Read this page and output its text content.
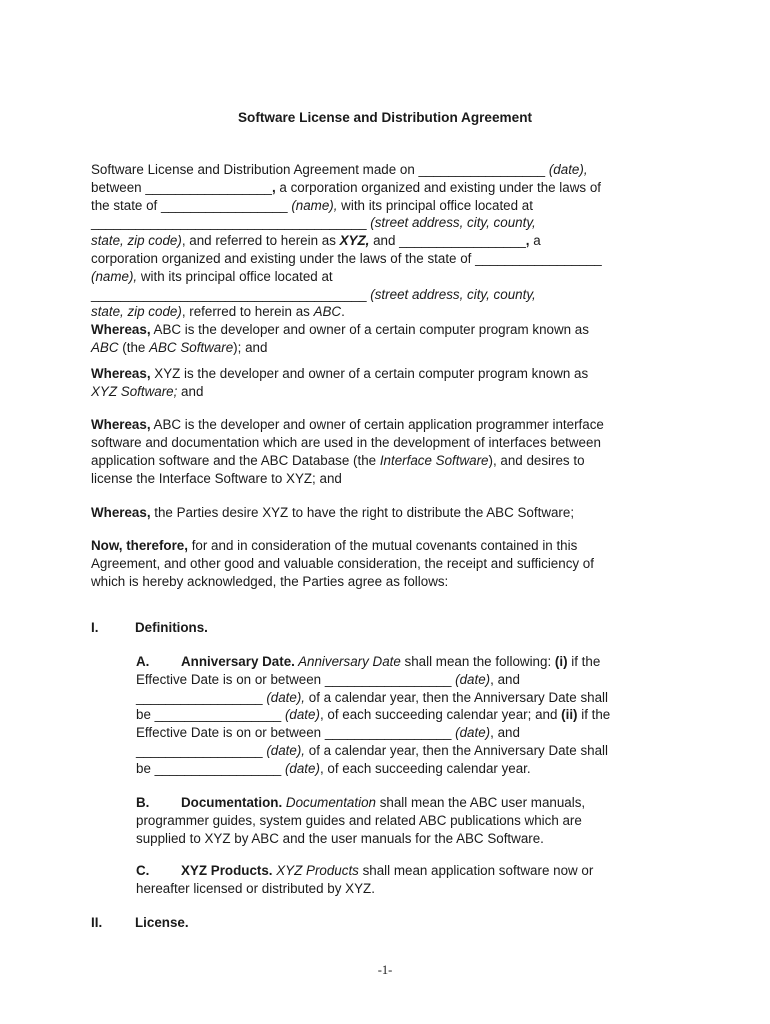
Software License and Distribution Agreement

Software License and Distribution Agreement made on _________________ (date),

between _________________, a corporation organized and existing under the laws of

the state of _________________ (name), with its principal office located at

_____________________________________ (street address, city, county,

state, zip code), and referred to herein as XYZ, and _________________, a

corporation organized and existing under the laws of the state of _________________

(name), with its principal office located at

_____________________________________ (street address, city, county,

state, zip code), referred to herein as ABC.

Whereas, ABC is the developer and owner of a certain computer program known as

ABC (the ABC Software); and

Whereas, XYZ is the developer and owner of a certain computer program known as

XYZ Software; and

Whereas, ABC is the developer and owner of certain application programmer interface

software and documentation which are used in the development of interfaces between

application software and the ABC Database (the Interface Software), and desires to

license the Interface Software to XYZ; and

Whereas, the Parties desire XYZ to have the right to distribute the ABC Software;

Now, therefore, for and in consideration of the mutual covenants contained in this

Agreement, and other good and valuable consideration, the receipt and sufficiency of

which is hereby acknowledged, the Parties agree as follows:

I.	Definitions.

A. Anniversary Date. Anniversary Date shall mean the following: (i) if the

Effective Date is on or between _________________ (date), and

_________________ (date), of a calendar year, then the Anniversary Date shall

be _________________ (date), of each succeeding calendar year; and (ii) if the

Effective Date is on or between _________________ (date), and

_________________ (date), of a calendar year, then the Anniversary Date shall

be _________________ (date), of each succeeding calendar year.

B. Documentation. Documentation shall mean the ABC user manuals,

programmer guides, system guides and related ABC publications which are

supplied to XYZ by ABC and the user manuals for the ABC Software.

C. XYZ Products. XYZ Products shall mean application software now or

hereafter licensed or distributed by XYZ.

II. License.
-1-
